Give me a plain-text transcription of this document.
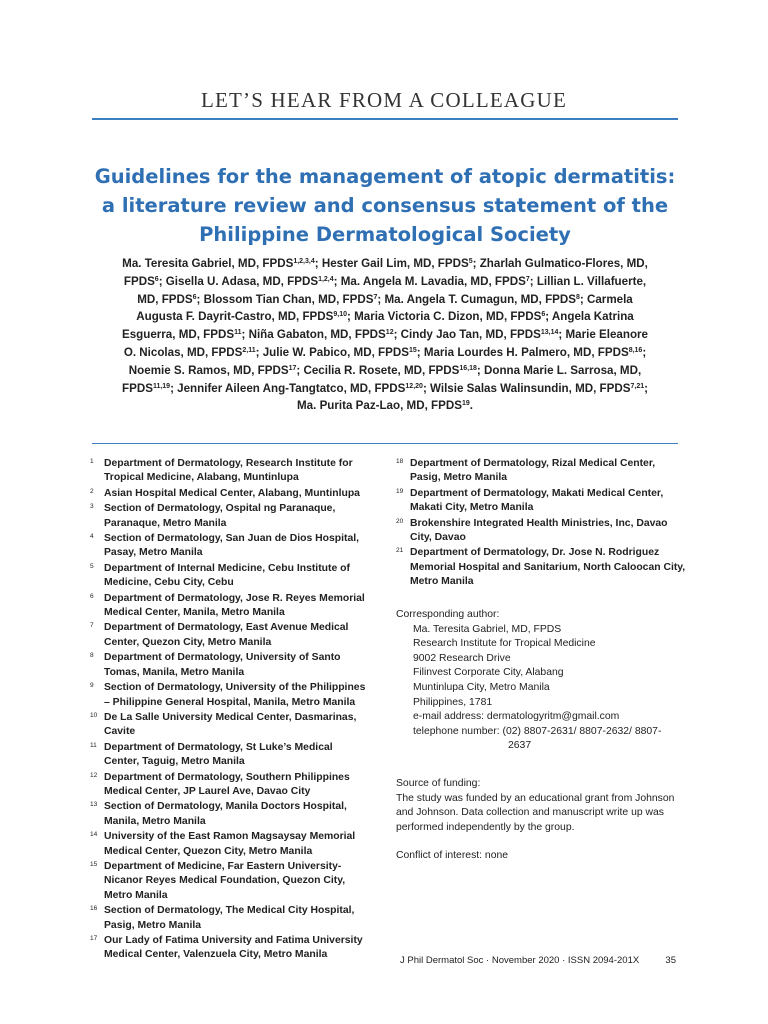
LET’S HEAR FROM A COLLEAGUE
Guidelines for the management of atopic dermatitis:
a literature review and consensus statement of the
Philippine Dermatological Society
Ma. Teresita Gabriel, MD, FPDS$^{1,2,3,4}$; Hester Gail Lim, MD, FPDS$^5$; Zharlah Gulmatico-Flores, MD,
FPDS$^6$; Gisella U. Adasa, MD, FPDS$^{1,2,4}$; Ma. Angela M. Lavadia, MD, FPDS$^7$; Lillian L. Villafuerte,
MD, FPDS$^6$; Blossom Tian Chan, MD, FPDS$^7$; Ma. Angela T. Cumagun, MD, FPDS$^8$; Carmela
Augusta F. Dayrit-Castro, MD, FPDS$^{9,10}$; Maria Victoria C. Dizon, MD, FPDS$^6$; Angela Katrina
Esguerra, MD, FPDS$^{11}$; Niña Gabaton, MD, FPDS$^{12}$; Cindy Jao Tan, MD, FPDS$^{13,14}$; Marie Eleanore
O. Nicolas, MD, FPDS$^{2,11}$; Julie W. Pabico, MD, FPDS$^{15}$; Maria Lourdes H. Palmero, MD, FPDS$^{8,16}$;
Noemie S. Ramos, MD, FPDS$^{17}$; Cecilia R. Rosete, MD, FPDS$^{16,18}$; Donna Marie L. Sarrosa, MD,
FPDS$^{11,19}$; Jennifer Aileen Ang-Tangtatco, MD, FPDS$^{12,20}$; Wilsie Salas Walinsundin, MD, FPDS$^{7,21}$;
Ma. Purita Paz-Lao, MD, FPDS$^{19}$.
1 Department of Dermatology, Research Institute for
Tropical Medicine, Alabang, Muntinlupa
2 Asian Hospital Medical Center, Alabang, Muntinlupa
3 Section of Dermatology, Ospital ng Paranaque,
Paranaque, Metro Manila
4 Section of Dermatology, San Juan de Dios Hospital,
Pasay, Metro Manila
5 Department of Internal Medicine, Cebu Institute of
Medicine, Cebu City, Cebu
6 Department of Dermatology, Jose R. Reyes Memorial
Medical Center, Manila, Metro Manila
7 Department of Dermatology, East Avenue Medical
Center, Quezon City, Metro Manila
8 Department of Dermatology, University of Santo
Tomas, Manila, Metro Manila
9 Section of Dermatology, University of the Philippines
– Philippine General Hospital, Manila, Metro Manila
10 De La Salle University Medical Center, Dasmarinas,
Cavite
11 Department of Dermatology, St Luke’s Medical
Center, Taguig, Metro Manila
12 Department of Dermatology, Southern Philippines
Medical Center, JP Laurel Ave, Davao City
13 Section of Dermatology, Manila Doctors Hospital,
Manila, Metro Manila
14 University of the East Ramon Magsaysay Memorial
Medical Center, Quezon City, Metro Manila
15 Department of Medicine, Far Eastern University-
Nicanor Reyes Medical Foundation, Quezon City,
Metro Manila
16 Section of Dermatology, The Medical City Hospital,
Pasig, Metro Manila
17 Our Lady of Fatima University and Fatima University
Medical Center, Valenzuela City, Metro Manila
18 Department of Dermatology, Rizal Medical Center,
Pasig, Metro Manila
19 Department of Dermatology, Makati Medical Center,
Makati City, Metro Manila
20 Brokenshire Integrated Health Ministries, Inc, Davao
City, Davao
21 Department of Dermatology, Dr. Jose N. Rodriguez
Memorial Hospital and Sanitarium, North Caloocan City,
Metro Manila
Corresponding author:
Ma. Teresita Gabriel, MD, FPDS
Research Institute for Tropical Medicine
9002 Research Drive
Filinvest Corporate City, Alabang
Muntinlupa City, Metro Manila
Philippines, 1781
e-mail address: dermatologyritm@gmail.com
telephone number: (02) 8807-2631/ 8807-2632/ 8807-
2637
Source of funding:
The study was funded by an educational grant from Johnson
and Johnson. Data collection and manuscript write up was
performed independently by the group.
Conflict of interest: none
J Phil Dermatol Soc · November 2020 · ISSN 2094-201X	35
